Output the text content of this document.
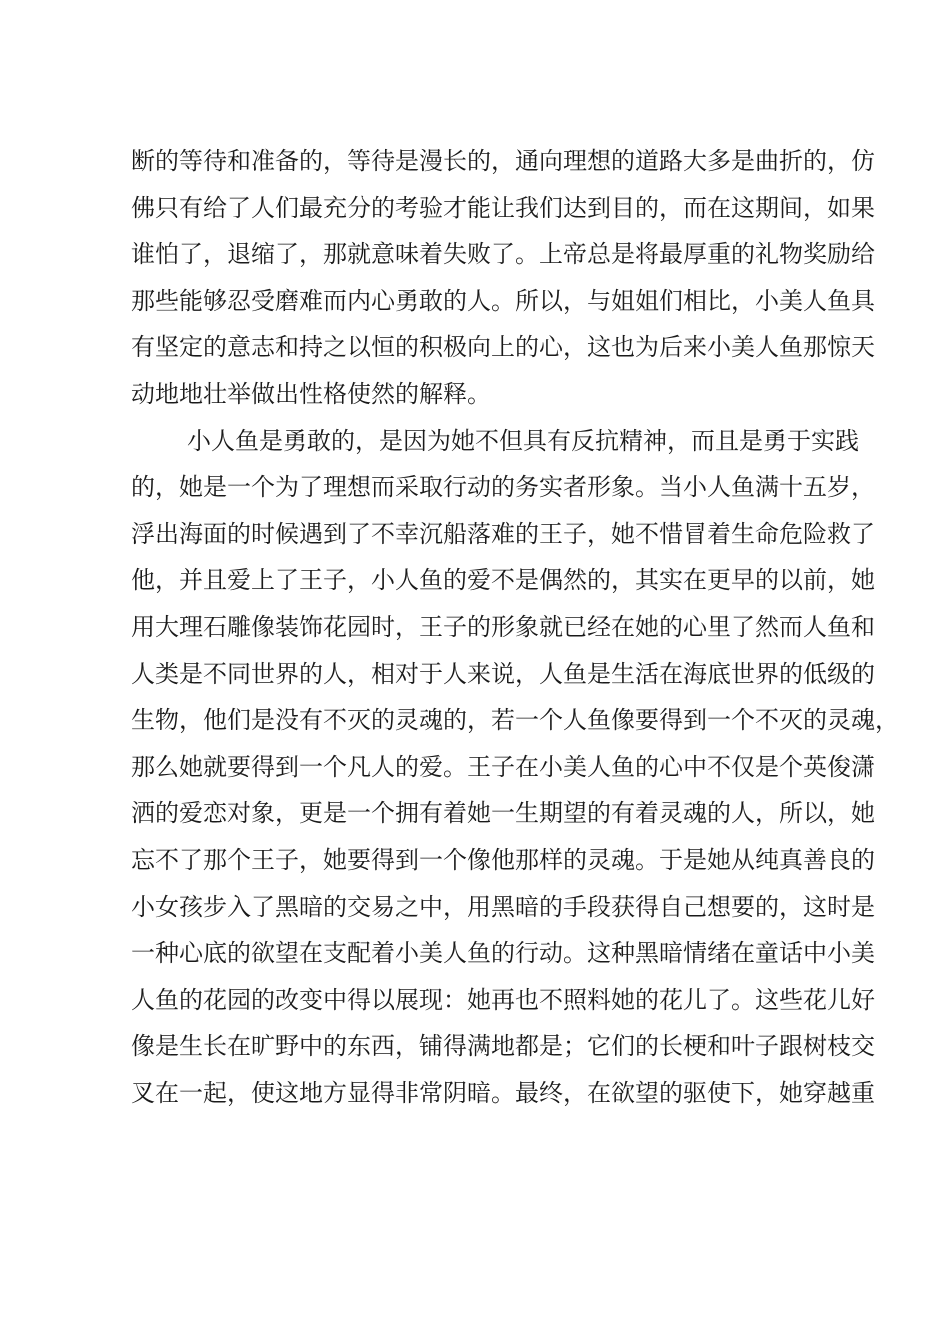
断的等待和准备的，等待是漫长的，通向理想的道路大多是曲折的，仿
佛只有给了人们最充分的考验才能让我们达到目的，而在这期间，如果
谁怕了，退缩了，那就意味着失败了。上帝总是将最厚重的礼物奖励给
那些能够忍受磨难而内心勇敢的人。所以，与姐姐们相比，小美人鱼具
有坚定的意志和持之以恒的积极向上的心，这也为后来小美人鱼那惊天
动地地壮举做出性格使然的解释。
小人鱼是勇敢的，是因为她不但具有反抗精神，而且是勇于实践
的，她是一个为了理想而采取行动的务实者形象。当小人鱼满十五岁，
浮出海面的时候遇到了不幸沉船落难的王子，她不惜冒着生命危险救了
他，并且爱上了王子，小人鱼的爱不是偶然的，其实在更早的以前，她
用大理石雕像装饰花园时，王子的形象就已经在她的心里了然而人鱼和
人类是不同世界的人，相对于人来说，人鱼是生活在海底世界的低级的
生物，他们是没有不灭的灵魂的，若一个人鱼像要得到一个不灭的灵魂，
那么她就要得到一个凡人的爱。王子在小美人鱼的心中不仅是个英俊潇
洒的爱恋对象，更是一个拥有着她一生期望的有着灵魂的人，所以，她
忘不了那个王子，她要得到一个像他那样的灵魂。于是她从纯真善良的
小女孩步入了黑暗的交易之中，用黑暗的手段获得自己想要的，这时是
一种心底的欲望在支配着小美人鱼的行动。这种黑暗情绪在童话中小美
人鱼的花园的改变中得以展现：她再也不照料她的花儿了。这些花儿好
像是生长在旷野中的东西，铺得满地都是；它们的长梗和叶子跟树枝交
叉在一起，使这地方显得非常阴暗。最终，在欲望的驱使下，她穿越重
